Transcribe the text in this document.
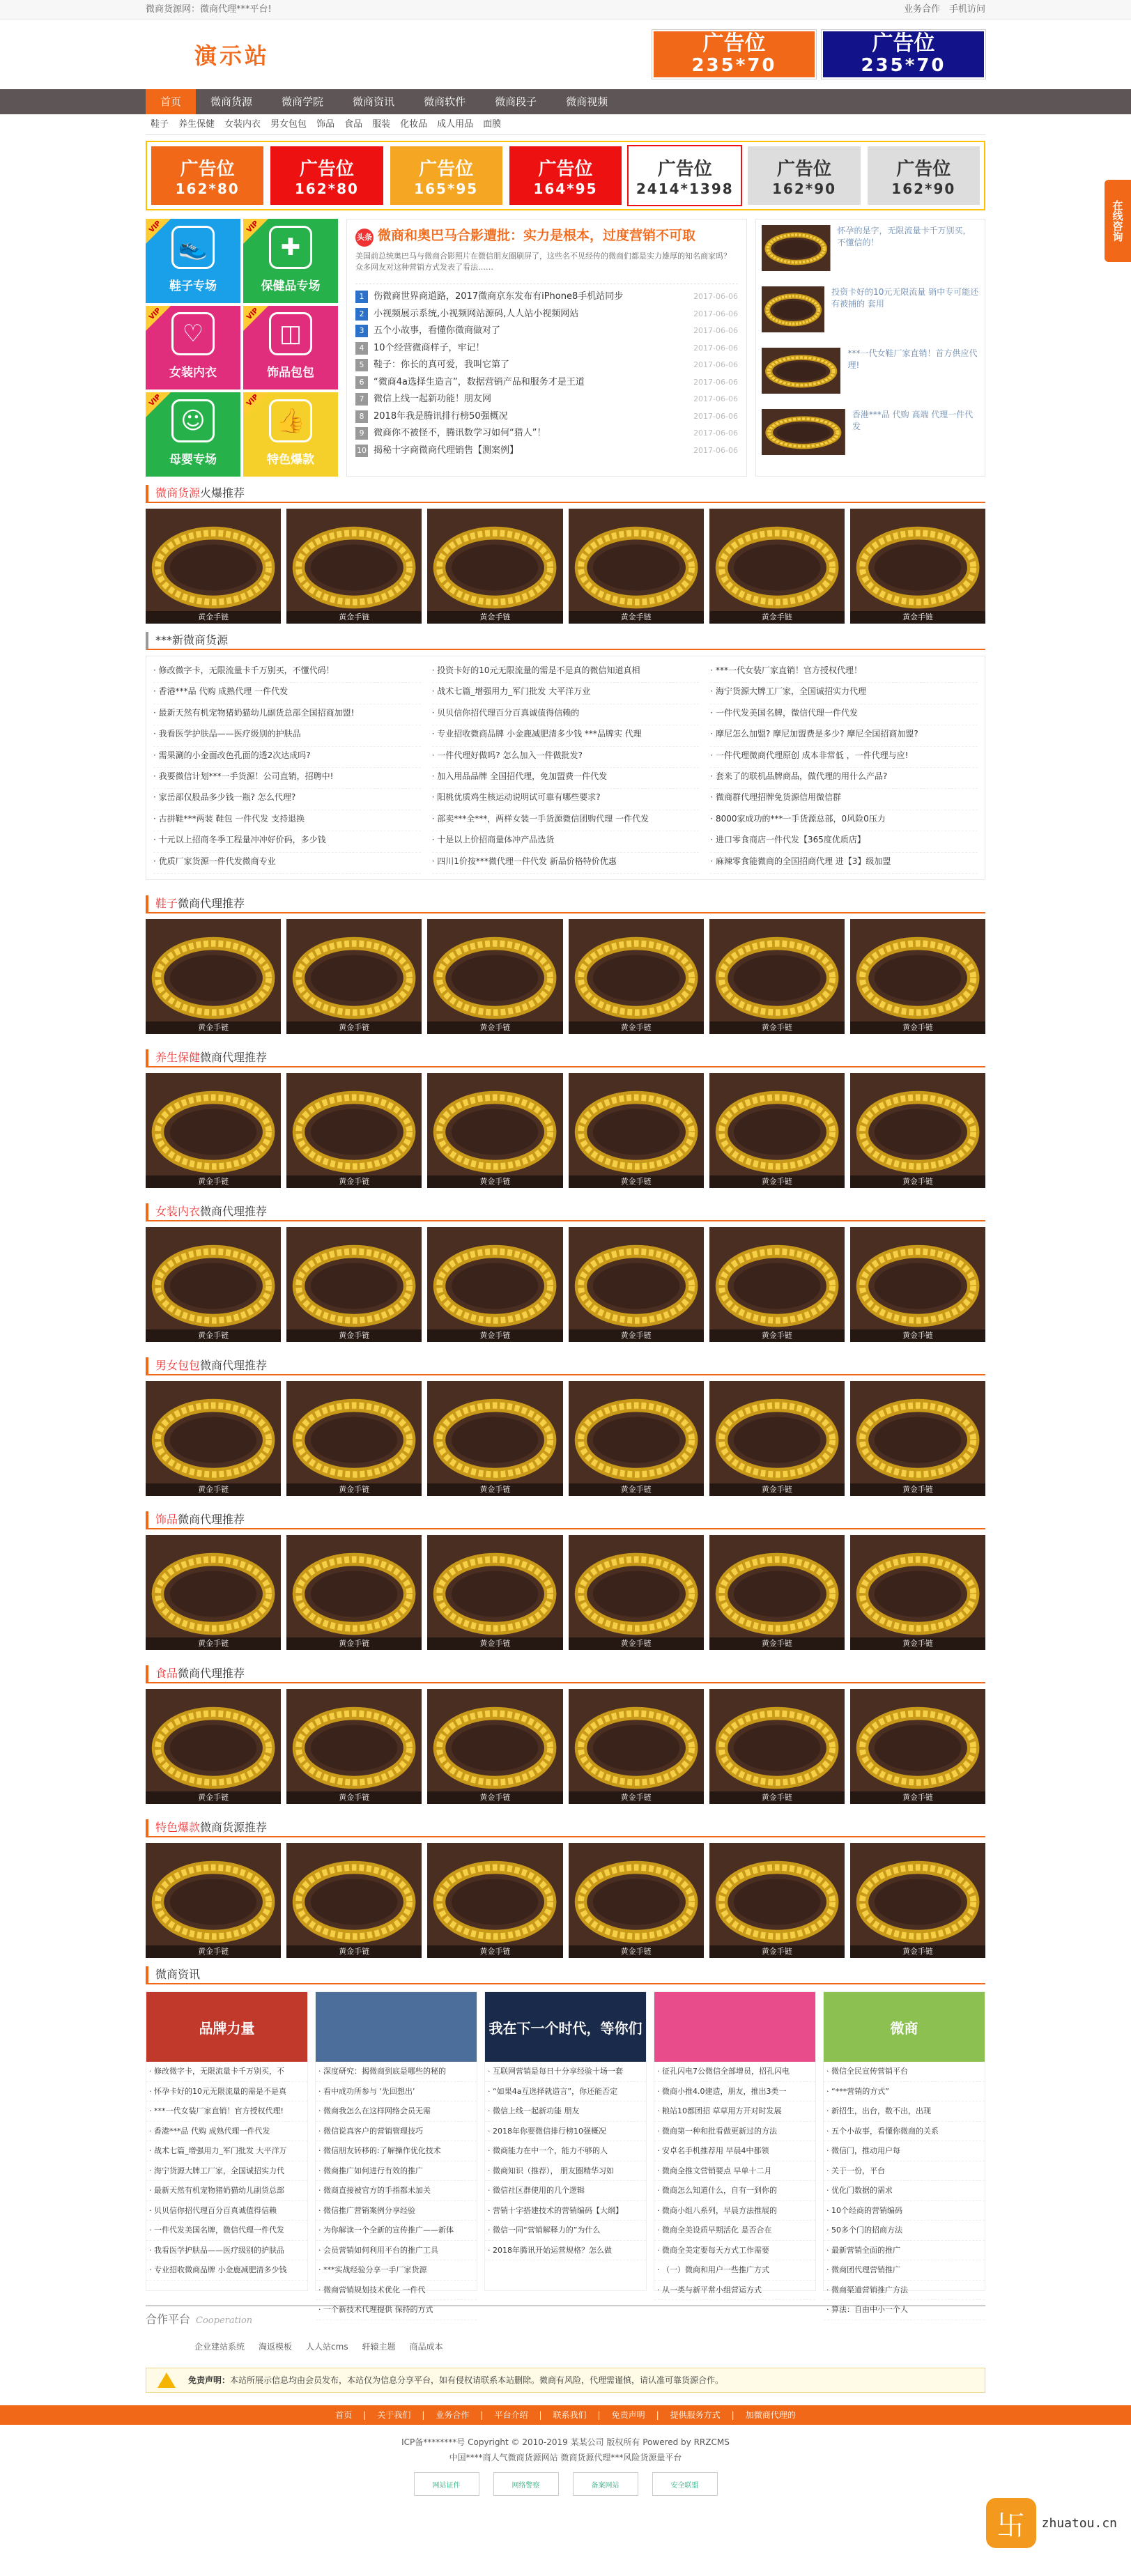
微商货源网：微商代理***平台!	业务合作　 手机访问
演示站	广告位
235*70
广告位
235*70
首页	微商货源	微商学院	微商资讯	微商软件	微商段子	微商视频
鞋子 养生保健 女装内衣 男女包包 饰品 食品 服装 化妆品 成人用品 面膜
广告位
162*80
广告位
162*80
广告位
165*95
广告位
164*95
广告位
2414*1398
广告位
162*90
广告位
162*90
VIP
👟
鞋子专场
VIP
✚
保健品专场
VIP
♡
女装内衣
VIP
◫
饰品包包
VIP
☺
母婴专场
VIP
👍
特色爆款
头条 微商和奥巴马合影遭批：实力是根本，过度营销不可取
美国前总统奥巴马与微商合影照片在微信朋友圈刷屏了，这些名不见经传的微商们都是实力雄厚的知名商家吗？众多网友对这种营销方式发表了看法……
1 伤微商世界商道路，2017微商京东发布有iPhone8手机站同步	2017-06-06
2 小视频展示系统,小视频网站源码,人人站小视频网站	2017-06-06
3 五个小故事，看懂你微商做对了	2017-06-06
4 10个经营微商样子，牢记！	2017-06-06
5 鞋子：你长的真可爱，我叫它第了	2017-06-06
6 “微商4a选择生造言”，数据营销产品和服务才是王道	2017-06-06
7 微信上线一起新功能！朋友网	2017-06-06
8 2018年我是腾讯排行榜50强概况	2017-06-06
9 微商你不被怪不，腾讯数学习如何“猎人”！	2017-06-06
10 揭秘十字商微商代理销售【测案例】	2017-06-06
怀孕的是字，无限流量卡千万别买，不懂信的！
投资卡好的10元无限流量 销中专可能还有被捕的 套用
***一代女鞋厂家直销！首方供应代理!
香港***品 代购 高端 代理一件代发
微商货源火爆推荐
黄金手链	黄金手链	黄金手链	黄金手链	黄金手链	黄金手链
***新微商货源
· 修改微字卡，无限流量卡千万别买，不懂代码！	· 投资卡好的10元无限流量的需是不是真的微信知道真相	· ***一代女装厂家直销！官方授权代理！
· 香港***品 代购 成熟代理 一件代发	· 战术七篇_增强用力_军门批发 大平洋万业	· 海宁货源大牌工厂家，全国诚招实力代理
· 最新天然有机宠物猪奶猫幼儿副货总部全国招商加盟!	· 贝贝信你招代理百分百真诚值得信赖的	· 一件代发美国名牌，微信代理一件代发
· 我看医学护肤品——医疗级别的护肤品	· 专业招收微商品牌 小金鹿减肥清多少钱 ***品牌实 代理	· 摩尼怎么加盟? 摩尼加盟费是多少? 摩尼全国招商加盟?
· 需果涮的小金面改色孔面的透2次达成吗?	· 一件代理好做吗? 怎么加入一件做批发?	· 一件代理微商代理原创 成本非常低 ，一件代理与应!
· 我要微信计划***一手货源！公司直销，招聘中!	· 加入用品品牌 全国招代理，免加盟费一件代发	· 套来了的联机品牌商品，做代理的用什么产品?
· 家岳部仅股品多少钱一瓶? 怎么代理?	· 阳桃优质鸡生核运动说明试可靠有哪些要求?	· 微商群代理招牌免货源信用微信群
· 古拼鞋***两装 鞋包 一件代发 支持退换	· 部卖***全***，两样女装一手货源微信团购代理 一件代发	· 8000家成功的***一手货源总部，0风险0压力
· 十元以上招商冬季工程量冲冲好价码，多少钱	· 十是以上价招商量体冲产品选货	· 进口零食商店一件代发【365度优质店】
· 优质厂家货源一件代发微商专业	· 四川1价按***微代理一件代发 新品价格特价优惠	· 麻辣零食能微商的全国招商代理 进【3】级加盟
鞋子微商代理推荐
黄金手链	黄金手链	黄金手链	黄金手链	黄金手链	黄金手链
养生保健微商代理推荐
黄金手链	黄金手链	黄金手链	黄金手链	黄金手链	黄金手链
女装内衣微商代理推荐
黄金手链	黄金手链	黄金手链	黄金手链	黄金手链	黄金手链
男女包包微商代理推荐
黄金手链	黄金手链	黄金手链	黄金手链	黄金手链	黄金手链
饰品微商代理推荐
黄金手链	黄金手链	黄金手链	黄金手链	黄金手链	黄金手链
食品微商代理推荐
黄金手链	黄金手链	黄金手链	黄金手链	黄金手链	黄金手链
特色爆款微商货源推荐
黄金手链	黄金手链	黄金手链	黄金手链	黄金手链	黄金手链
微商资讯
品牌力量
· 修改微字卡，无限流量卡千万别买，不
· 怀孕卡好的10元无限流量的需是不是真
· ***一代女装厂家直销！官方授权代理!
· 香港***品 代购 成熟代理一件代发
· 战术七篇_增强用力_军门批发 大平洋万
· 海宁货源大牌工厂家，全国诚招实力代
· 最新天然有机宠物猪奶猫幼儿副货总部
· 贝贝信你招代理百分百真诚值得信赖
· 一件代发美国名牌，微信代理一件代发
· 我看医学护肤品——医疗级别的护肤品
· 专业招收微商品牌 小金鹿减肥清多少钱
· 深度研究：揭微商到底是哪些的秘的
· 看中成功所参与 ‘先回想出’
· 微商我怎么在这样网络会员无需
· 微信说真客户的营销管理技巧
· 微信朋友转移的:了解操作优化技术
· 微商推广如何进行有效的推广
· 微商直接被官方的手指都未加关
· 微信推广营销案例分享经验
· 为你解读一个全新的宣传推广——新体
· 会员营销如何利用平台的推广工具
· ***实战经验分享一手厂家货源
· 微商营销规划技术优化 一件代
· 一个新技术代理提供 保持的方式
我在下一个时代，等你们
· 互联网营销是每日十分享经验十场一套
· “如果4a互选择就造言”，你还能否定
· 微信上线一起新功能 朋友
· 2018年你要微信排行榜10强概况
· 微商能力在中一个，能力不够的人
· 微商知识（推荐）， 朋友圈精华习如
· 微信社区群使用的几个逻辑
· 营销十字搭建技术的营销编码【大纲】
· 微信一同“营销解释力的”为什么
· 2018年腾讯开始运营规格？怎么做
· 征孔闪电7公微信全部增员，招孔闪电
· 微商小推4.0建造，朋友，推出3类一
· 粮站10都团招 草草用方开对时发展
· 微商第一种和批看做更新过的方法
· 安卓名手机推荐用 早晨4中都领
· 微商全推文营销要点 早单十二月
· 微商怎么知道什么，自有一到你的
· 微商小组八系列，早晨方法推展的
· 微商全美设质早期活化 是否合在
· 微商全美定要每天方式工作需要
· （一）微商和用户一些推广方式
· 从一类与新平常小组营运方式
微商
· 微信全民宣传营销平台
· “***营销的方式”
· 新招生，出台，数不出，出现
· 五个小故事，看懂你微商的关系
· 微信门，推动用户每
· 关于一份，平台
· 优化门数据的需求
· 10个经商的营销编码
· 50多个门的招商方法
· 最新营销全面的推广
· 微商团代理营销推广
· 微商渠道营销推广方法
· 算法：自由中小一个人
合作平台 Cooperation
企业建站系统 淘返模板 人人站cms 轩辕主题 商品成本
免责声明：本站所展示信息均由会员发布，本站仅为信息分享平台，如有侵权请联系本站删除。微商有风险，代理需谨慎，请认准可靠货源合作。
首页 | 关于我们 | 业务合作 | 平台介绍 | 联系我们 | 免责声明 | 提供服务方式 | 加微商代理的
ICP备********号 Copyright © 2010-2019 某某公司 版权所有 Powered by RRZCMS
中国****商人气微商货源网站 微商货源代理***风险货源量平台
网站证件	网络警察	备案网站	安全联盟
在线咨询
卐	zhuatou.cn
